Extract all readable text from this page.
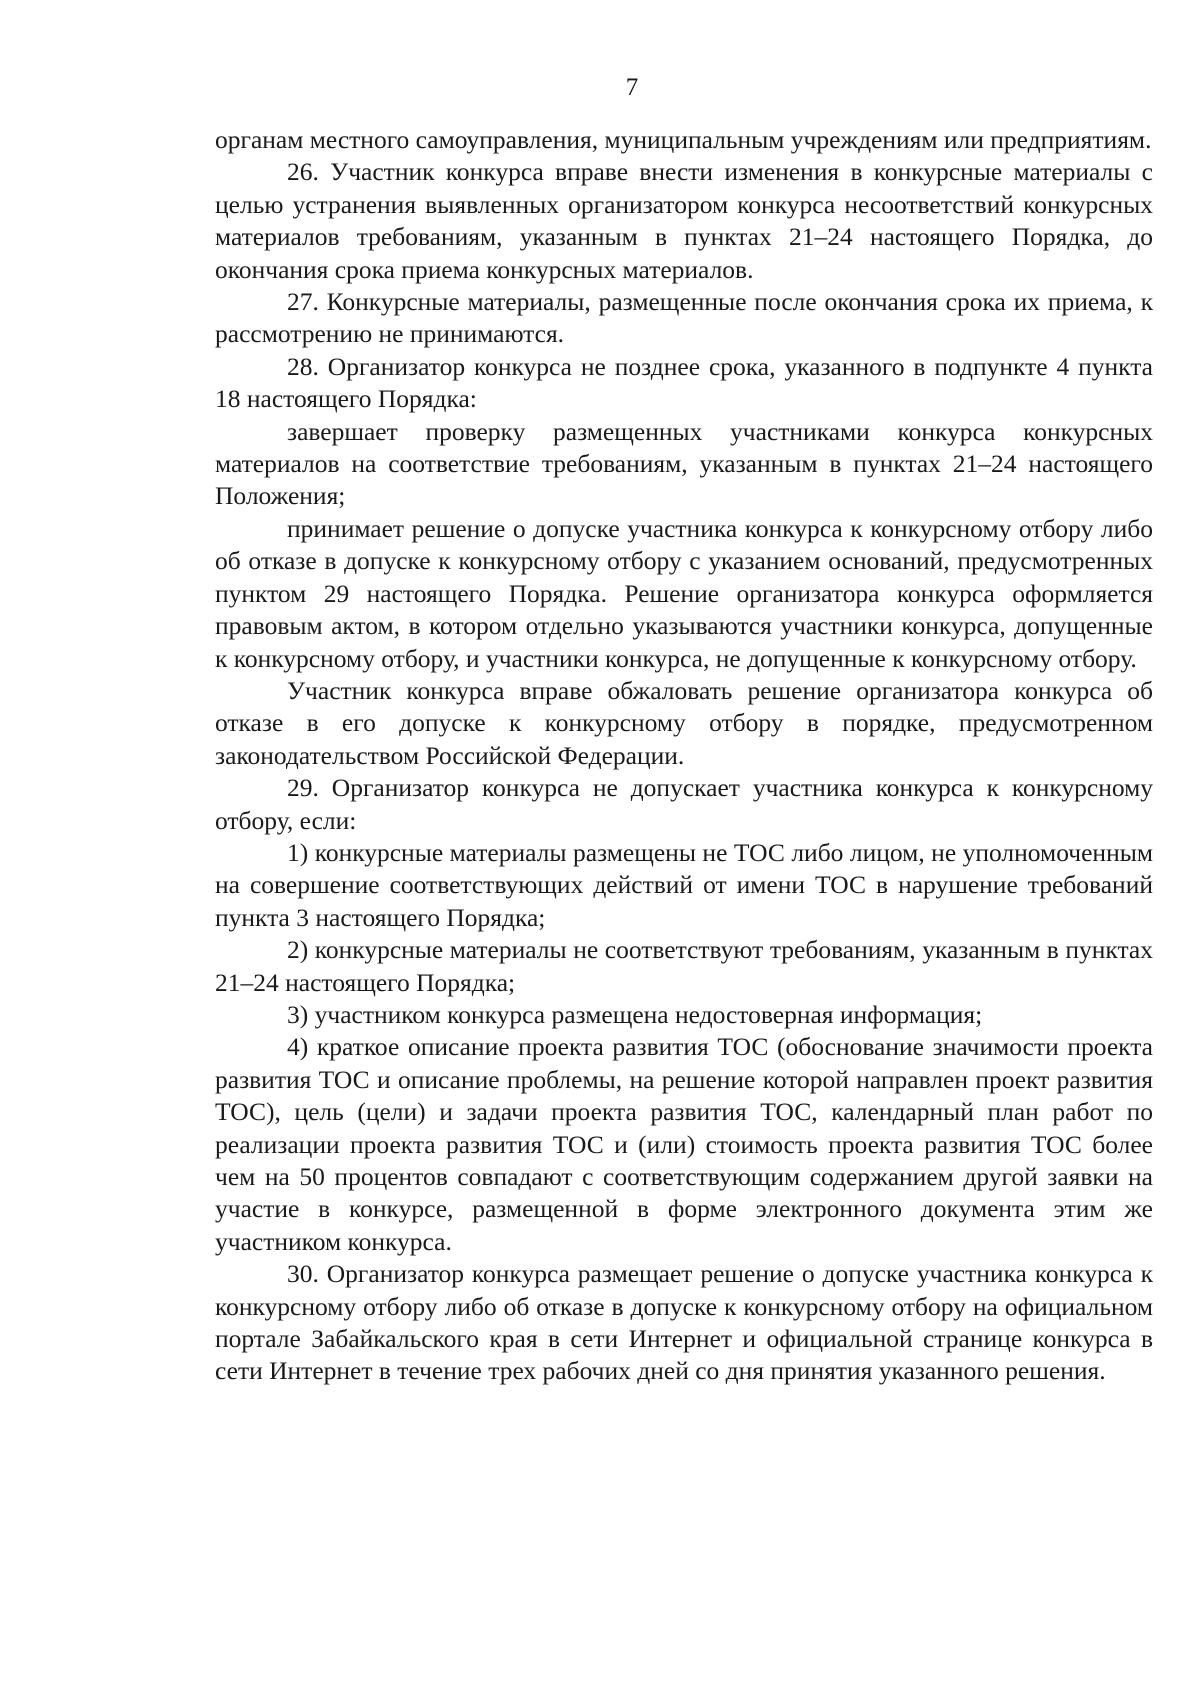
7

органам местного самоуправления, муниципальным учреждениям или предприятиям.

26. Участник конкурса вправе внести изменения в конкурсные материалы с целью устранения выявленных организатором конкурса несоответствий конкурсных материалов требованиям, указанным в пунктах 21–24 настоящего Порядка, до окончания срока приема конкурсных материалов.

27. Конкурсные материалы, размещенные после окончания срока их приема, к рассмотрению не принимаются.

28. Организатор конкурса не позднее срока, указанного в подпункте 4 пункта 18 настоящего Порядка:

завершает проверку размещенных участниками конкурса конкурсных материалов на соответствие требованиям, указанным в пунктах 21–24 настоящего Положения;

принимает решение о допуске участника конкурса к конкурсному отбору либо об отказе в допуске к конкурсному отбору с указанием оснований, предусмотренных пунктом 29 настоящего Порядка. Решение организатора конкурса оформляется правовым актом, в котором отдельно указываются участники конкурса, допущенные к конкурсному отбору, и участники конкурса, не допущенные к конкурсному отбору.

Участник конкурса вправе обжаловать решение организатора конкурса об отказе в его допуске к конкурсному отбору в порядке, предусмотренном законодательством Российской Федерации.

29. Организатор конкурса не допускает участника конкурса к конкурсному отбору, если:

1) конкурсные материалы размещены не ТОС либо лицом, не уполномоченным на совершение соответствующих действий от имени ТОС в нарушение требований пункта 3 настоящего Порядка;

2) конкурсные материалы не соответствуют требованиям, указанным в пунктах 21–24 настоящего Порядка;

3) участником конкурса размещена недостоверная информация;

4) краткое описание проекта развития ТОС (обоснование значимости проекта развития ТОС и описание проблемы, на решение которой направлен проект развития ТОС), цель (цели) и задачи проекта развития ТОС, календарный план работ по реализации проекта развития ТОС и (или) стоимость проекта развития ТОС более чем на 50 процентов совпадают с соответствующим содержанием другой заявки на участие в конкурсе, размещенной в форме электронного документа этим же участником конкурса.

30. Организатор конкурса размещает решение о допуске участника конкурса к конкурсному отбору либо об отказе в допуске к конкурсному отбору на официальном портале Забайкальского края в сети Интернет и официальной странице конкурса в сети Интернет в течение трех рабочих дней со дня принятия указанного решения.
